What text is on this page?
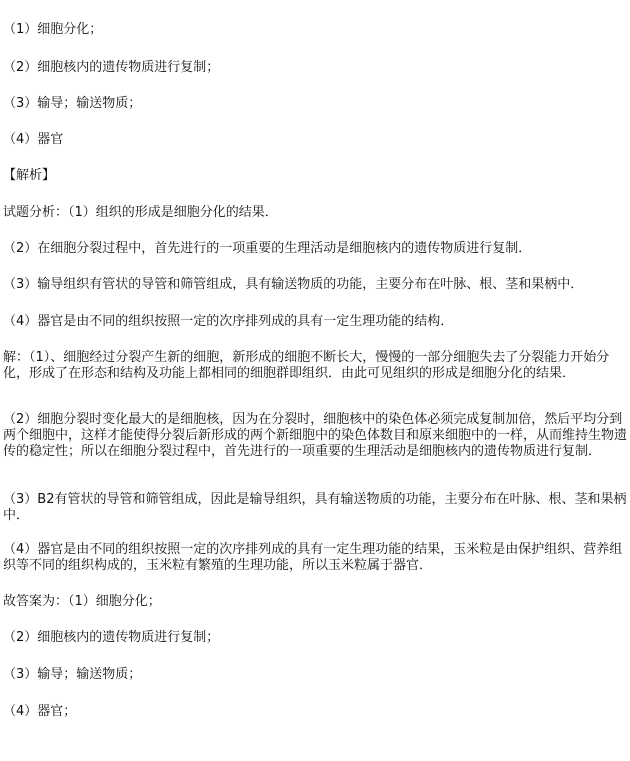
（1）细胞分化；
（2）细胞核内的遗传物质进行复制；
（3）输导；输送物质；
（4）器官
【解析】
试题分析：（1）组织的形成是细胞分化的结果．
（2）在细胞分裂过程中，首先进行的一项重要的生理活动是细胞核内的遗传物质进行复制．
（3）输导组织有管状的导管和筛管组成，具有输送物质的功能，主要分布在叶脉、根、茎和果柄中．
（4）器官是由不同的组织按照一定的次序排列成的具有一定生理功能的结构．
解：（1）、细胞经过分裂产生新的细胞，新形成的细胞不断长大，慢慢的一部分细胞失去了分裂能力开始分化，形成了在形态和结构及功能上都相同的细胞群即组织．由此可见组织的形成是细胞分化的结果．
（2）细胞分裂时变化最大的是细胞核，因为在分裂时，细胞核中的染色体必须完成复制加倍，然后平均分到两个细胞中，这样才能使得分裂后新形成的两个新细胞中的染色体数目和原来细胞中的一样，从而维持生物遗传的稳定性；所以在细胞分裂过程中，首先进行的一项重要的生理活动是细胞核内的遗传物质进行复制．
（3）B2有管状的导管和筛管组成，因此是输导组织，具有输送物质的功能，主要分布在叶脉、根、茎和果柄中．
（4）器官是由不同的组织按照一定的次序排列成的具有一定生理功能的结果，玉米粒是由保护组织、营养组织等不同的组织构成的，玉米粒有繁殖的生理功能，所以玉米粒属于器官．
故答案为：（1）细胞分化；
（2）细胞核内的遗传物质进行复制；
（3）输导；输送物质；
（4）器官；
